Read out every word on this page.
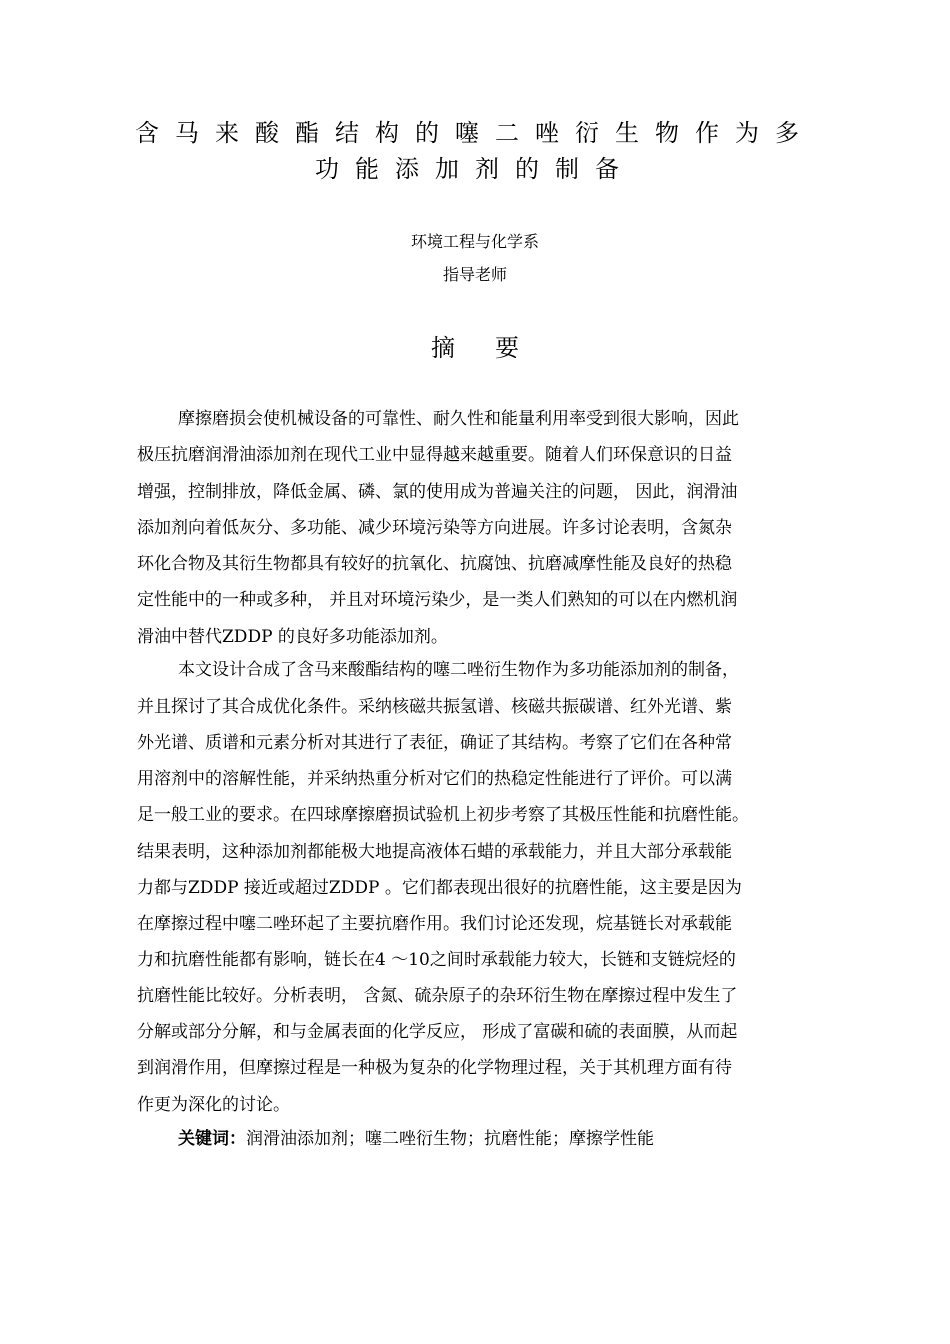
含马来酸酯结构的噻二唑衍生物作为多
功能添加剂的制备
环境工程与化学系
指导老师
摘要
摩擦磨损会使机械设备的可靠性、耐久性和能量利用率受到很大影响，因此
极压抗磨润滑油添加剂在现代工业中显得越来越重要。随着人们环保意识的日益
增强，控制排放，降低金属、磷、氯的使用成为普遍关注的问题， 因此，润滑油
添加剂向着低灰分、多功能、减少环境污染等方向进展。许多讨论表明，含氮杂
环化合物及其衍生物都具有较好的抗氧化、抗腐蚀、抗磨减摩性能及良好的热稳
定性能中的一种或多种， 并且对环境污染少，是一类人们熟知的可以在内燃机润
滑油中替代ZDDP 的良好多功能添加剂。
本文设计合成了含马来酸酯结构的噻二唑衍生物作为多功能添加剂的制备，
并且探讨了其合成优化条件。采纳核磁共振氢谱、核磁共振碳谱、红外光谱、紫
外光谱、质谱和元素分析对其进行了表征，确证了其结构。考察了它们在各种常
用溶剂中的溶解性能，并采纳热重分析对它们的热稳定性能进行了评价。可以满
足一般工业的要求。在四球摩擦磨损试验机上初步考察了其极压性能和抗磨性能。
结果表明，这种添加剂都能极大地提高液体石蜡的承载能力，并且大部分承载能
力都与ZDDP 接近或超过ZDDP 。它们都表现出很好的抗磨性能，这主要是因为
在摩擦过程中噻二唑环起了主要抗磨作用。我们讨论还发现，烷基链长对承载能
力和抗磨性能都有影响，链长在4 ～10之间时承载能力较大，长链和支链烷烃的
抗磨性能比较好。分析表明， 含氮、硫杂原子的杂环衍生物在摩擦过程中发生了
分解或部分分解，和与金属表面的化学反应， 形成了富碳和硫的表面膜，从而起
到润滑作用，但摩擦过程是一种极为复杂的化学物理过程，关于其机理方面有待
作更为深化的讨论。
关键词：润滑油添加剂；噻二唑衍生物；抗磨性能；摩擦学性能
